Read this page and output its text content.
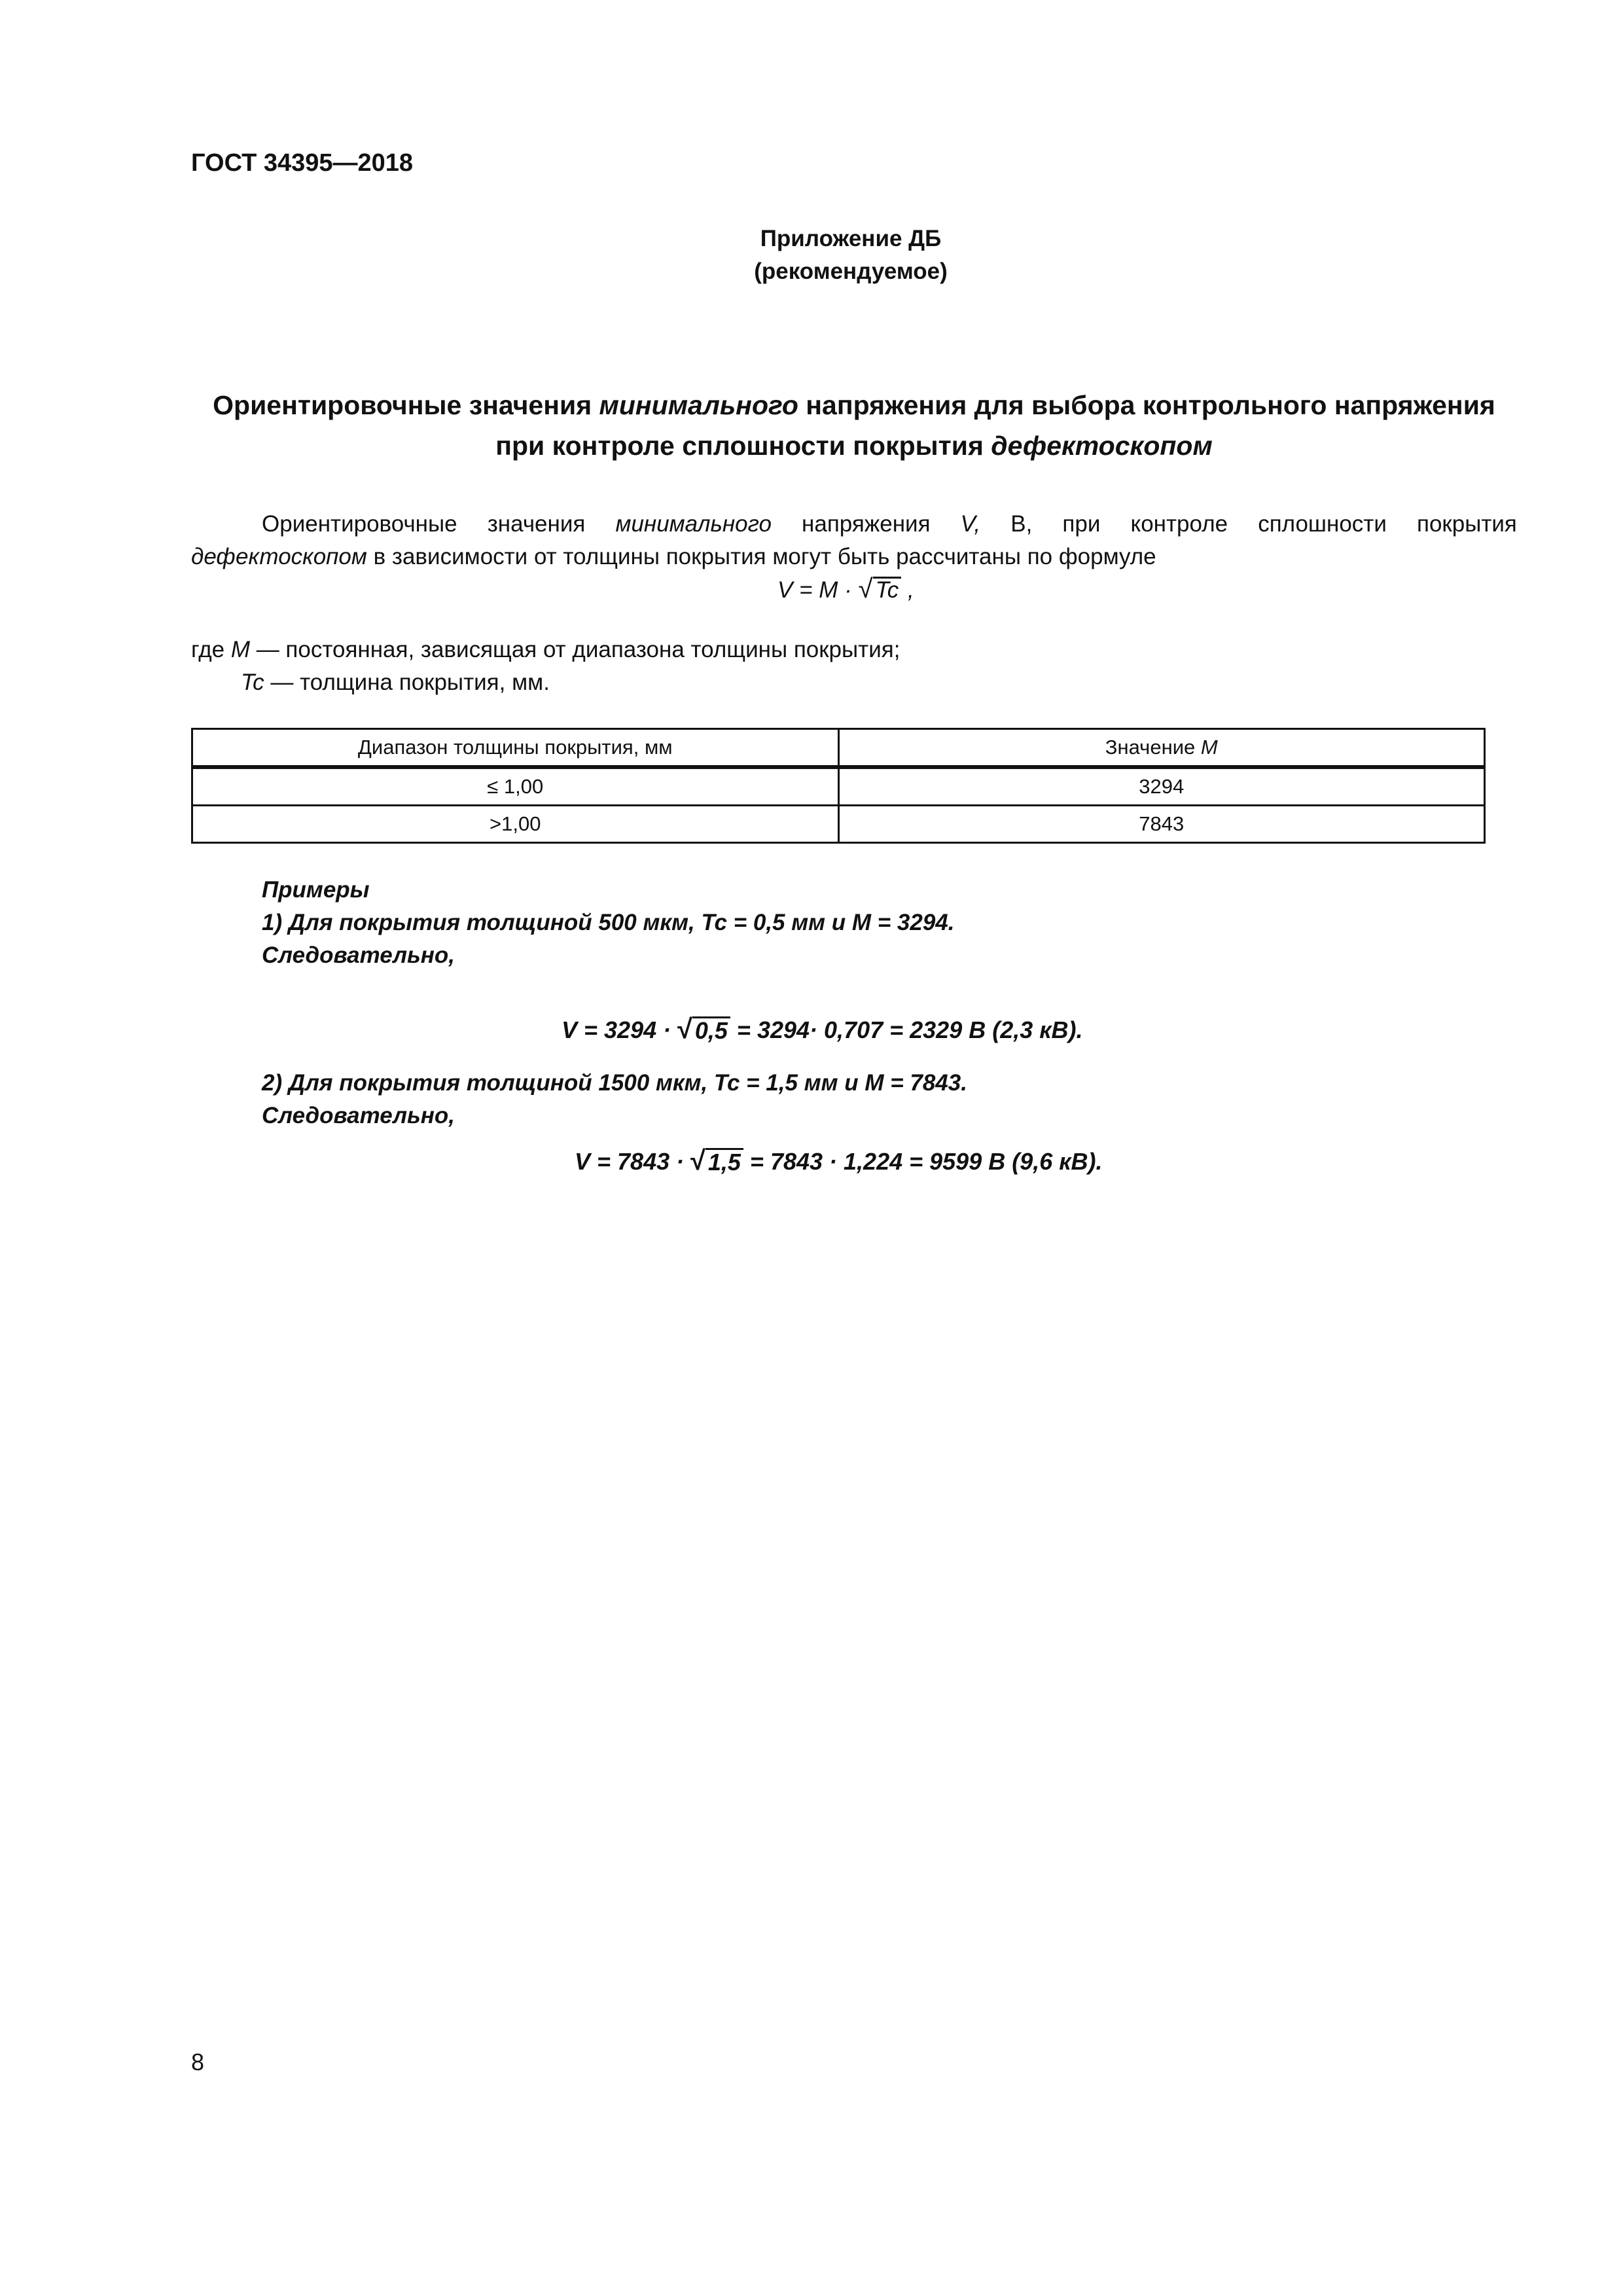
ГОСТ 34395—2018
Приложение ДБ
(рекомендуемое)
Ориентировочные значения минимального напряжения для выбора контрольного напряжения
при контроле сплошности покрытия дефектоскопом
Ориентировочные значения минимального напряжения V, В, при контроле сплошности покрытия
дефектоскопом в зависимости от толщины покрытия могут быть рассчитаны по формуле
V = M · √ Tc ,
где M — постоянная, зависящая от диапазона толщины покрытия;
Tc — толщина покрытия, мм.
Диапазон толщины покрытия, мм	Значение M
≤ 1,00	3294
>1,00	7843
Примеры
1) Для покрытия толщиной 500 мкм, Тс = 0,5 мм и М = 3294.
Следовательно,
V = 3294 · √ 0,5 = 3294· 0,707 = 2329 В (2,3 кВ).
2) Для покрытия толщиной 1500 мкм, Тс = 1,5 мм и М = 7843.
Следовательно,
V = 7843 · √ 1,5 = 7843 · 1,224 = 9599 В (9,6 кВ).
8
